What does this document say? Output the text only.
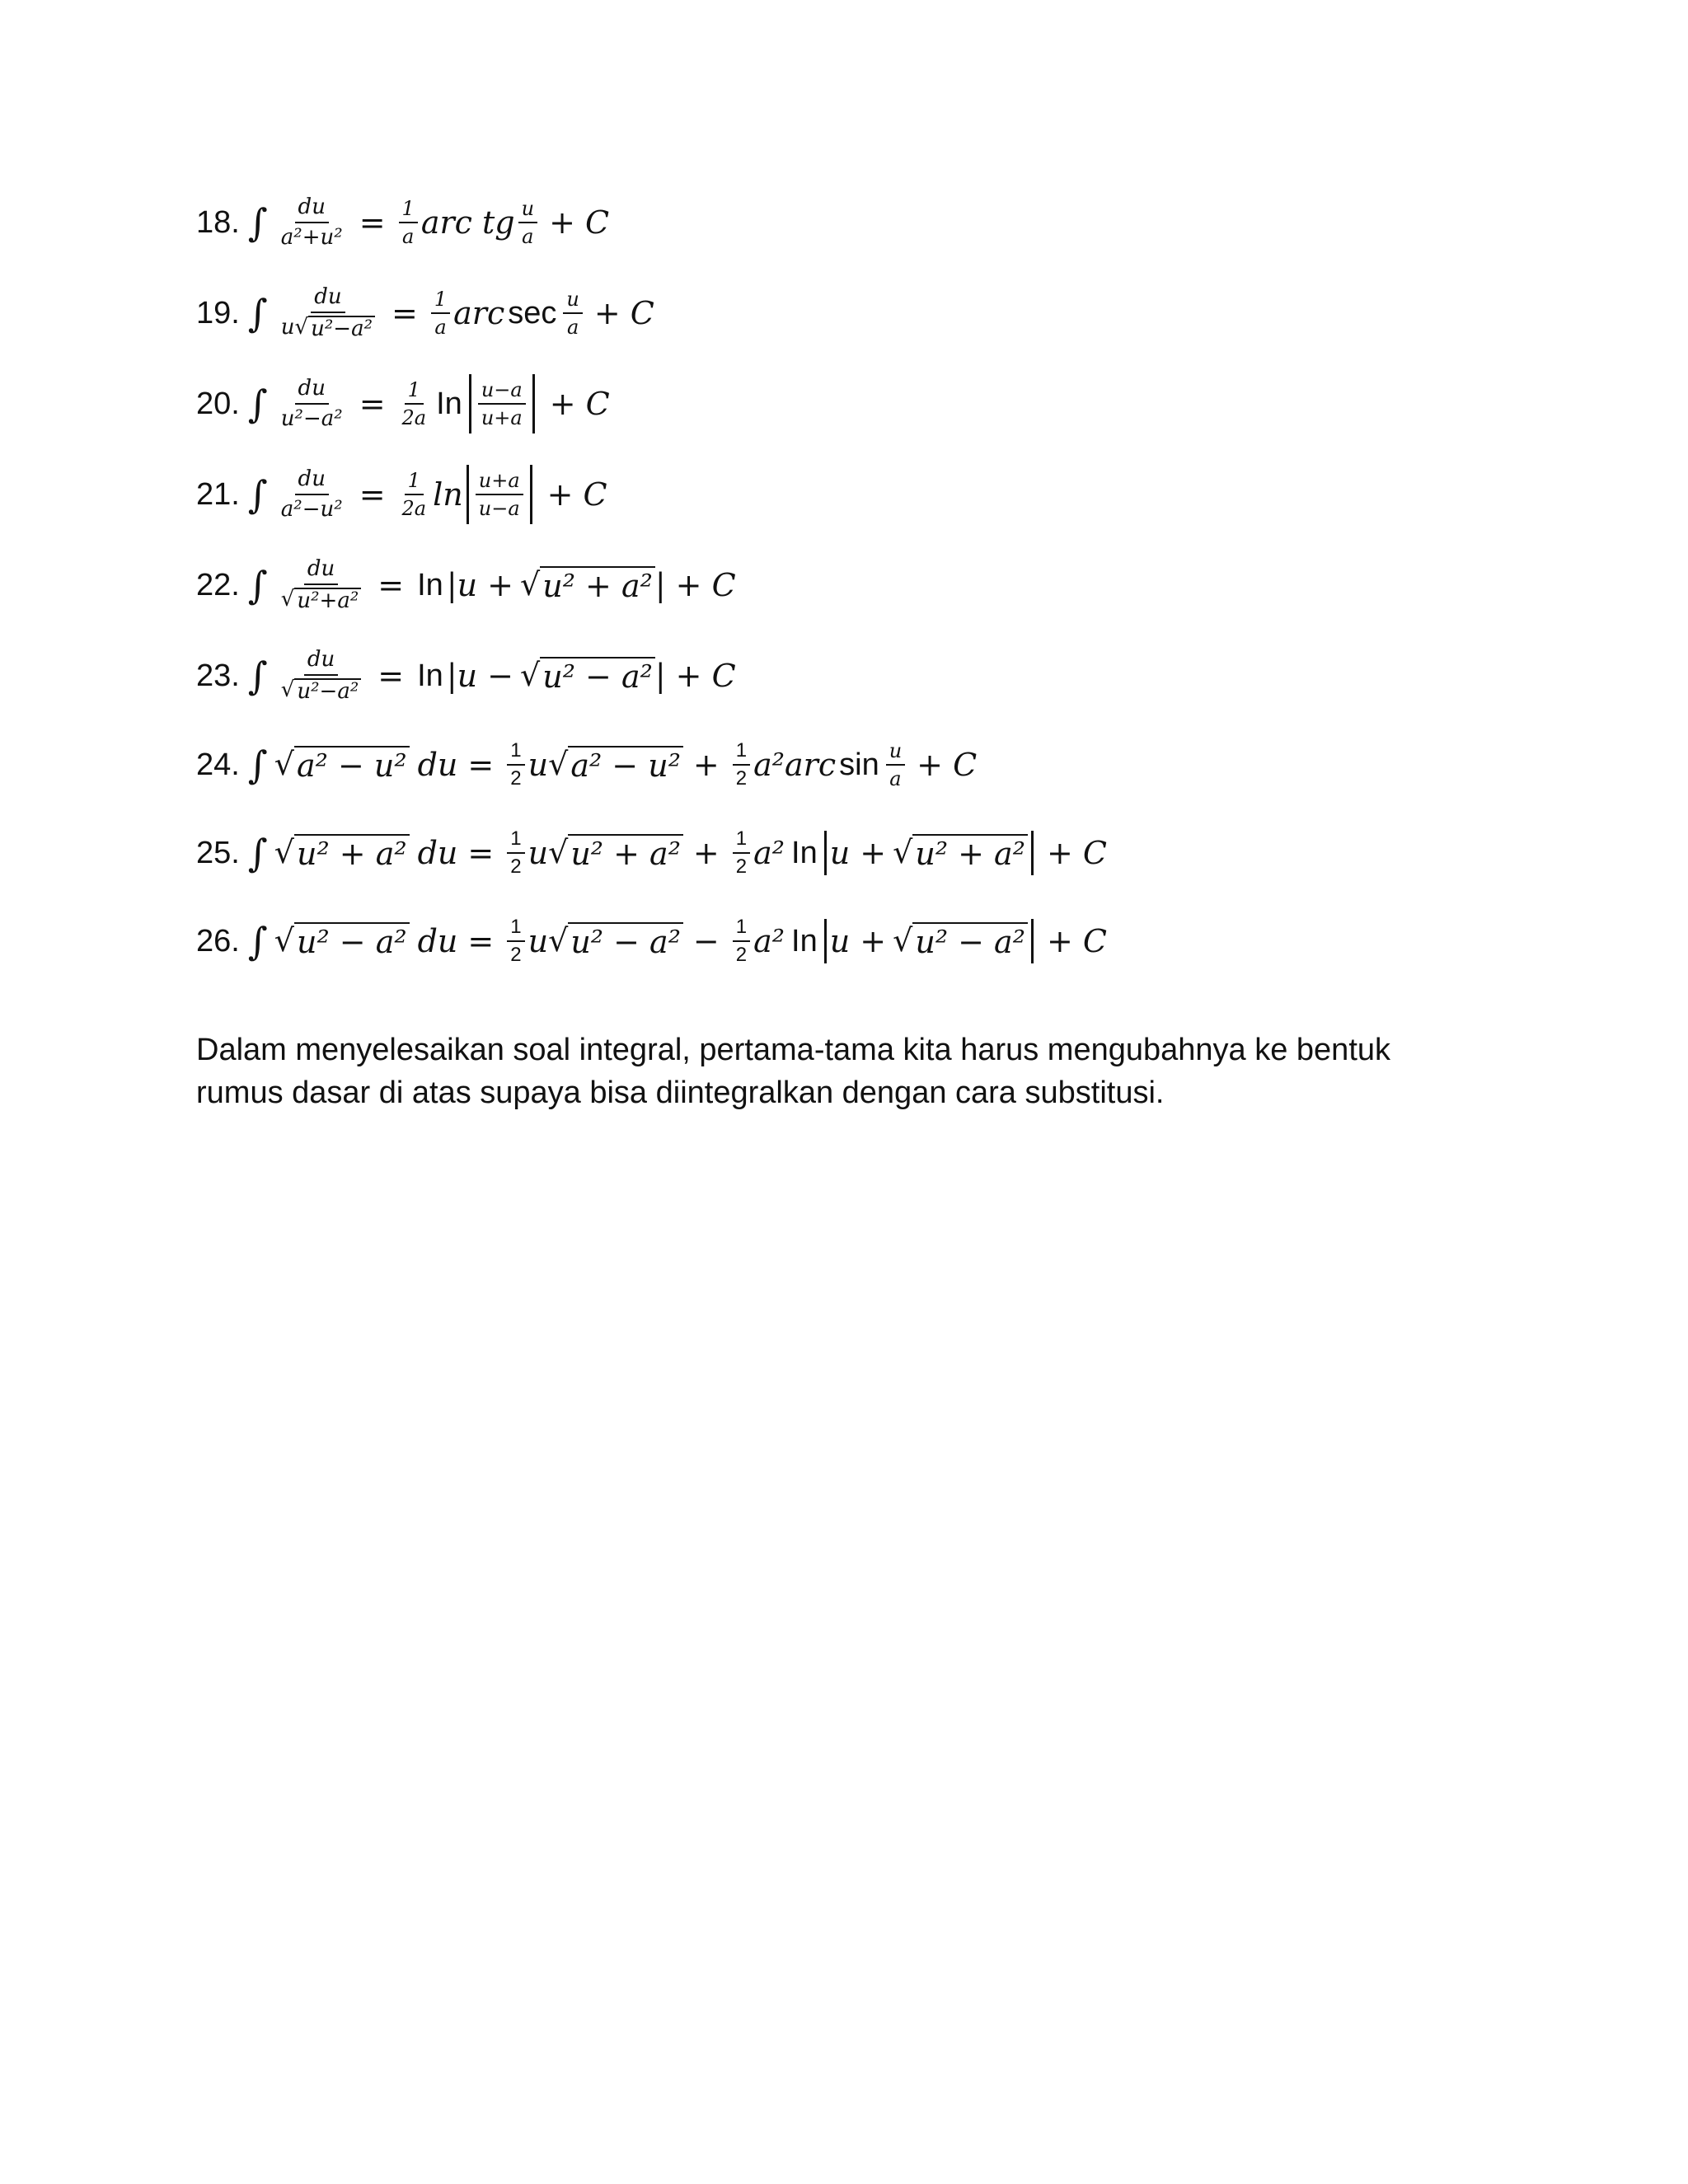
18. ∫ $\frac{du}{\text{a²+u²}} = \frac{1}{a}$ arc tg $\frac{u}{a} + C$
19. ∫ $\frac{du}{\text{u √ u²−a²}} = \frac{1}{a}$ arc $\sec \frac{u}{a} + C$
20. ∫ $\frac{du}{\text{u²−a²}} = \frac{1}{2a}$ In $\frac{u-a}{u+a} + C$
21. ∫ $\frac{du}{\text{a²−u²}} = \frac{1}{2a}$ $\ln \frac{u+a}{u-a} + C$
22. ∫ $\frac{du}{\text{√ u²+a²}} = In$ | u + √ u² + a² | + C
23. ∫ $\frac{du}{\text{√ u²−a²}} = In$ | u − √ u² − a² | + C
24. ∫ √ a² − u² du = $\frac{1}{2}$ u √ $a^2 - u^2 + \frac{1}{2} a^2$ arc $\sin \frac{u}{a} + C$
25. ∫ √ u² + a² du = $\frac{1}{2}$ u √ $u^2 + a^2 + \frac{1}{2} a^2$ In u + √ u² + a² + C
26. ∫ √ u² − a² du = $\frac{1}{2}$ u √ $u^2 - a^2 - \frac{1}{2} a^2$ In u + √ u² − a² + C

Dalam menyelesaikan soal integral, pertama-tama kita harus mengubahnya ke bentuk rumus dasar di atas supaya bisa diintegralkan dengan cara substitusi.
